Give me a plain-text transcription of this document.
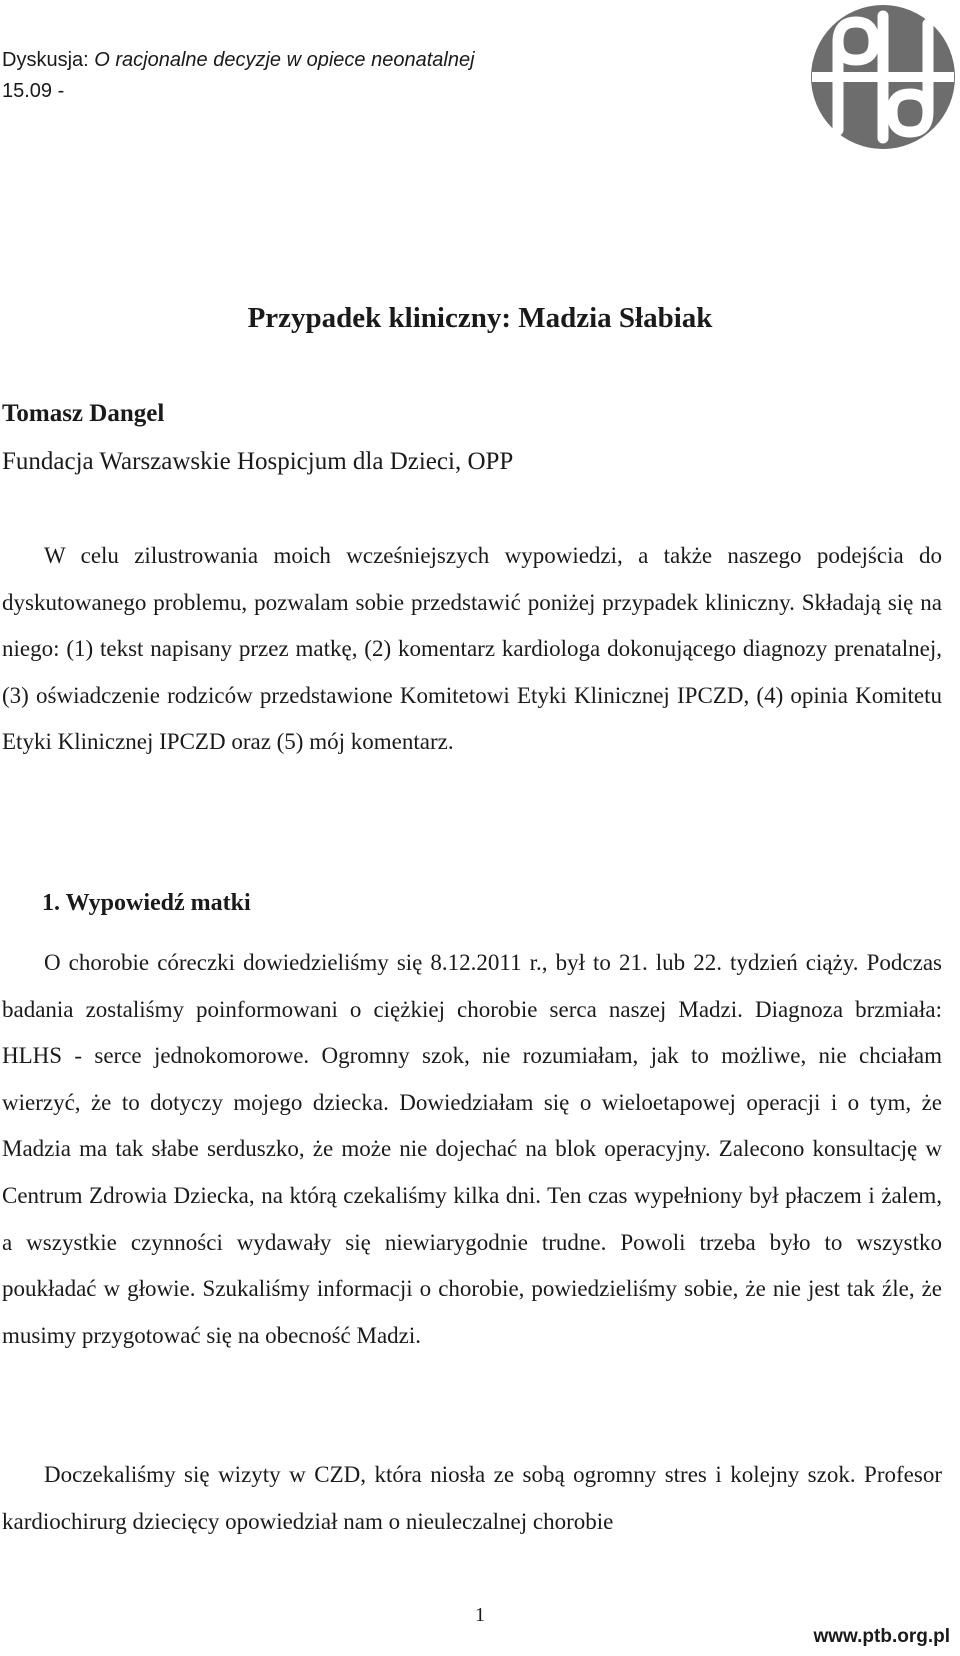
Dyskusja: O racjonalne decyzje w opiece neonatalnej
15.09 -
Przypadek kliniczny: Madzia Słabiak
Tomasz Dangel
Fundacja Warszawskie Hospicjum dla Dzieci, OPP
W celu zilustrowania moich wcześniejszych wypowiedzi, a także naszego podejścia do dyskutowanego problemu, pozwalam sobie przedstawić poniżej przypadek kliniczny. Składają się na niego: (1) tekst napisany przez matkę, (2) komentarz kardiologa dokonującego diagnozy prenatalnej, (3) oświadczenie rodziców przedstawione Komitetowi Etyki Klinicznej IPCZD, (4) opinia Komitetu Etyki Klinicznej IPCZD oraz (5) mój komentarz.
1. Wypowiedź matki
O chorobie córeczki dowiedzieliśmy się 8.12.2011 r., był to 21. lub 22. tydzień ciąży. Podczas badania zostaliśmy poinformowani o ciężkiej chorobie serca naszej Madzi. Diagnoza brzmiała: HLHS - serce jednokomorowe. Ogromny szok, nie rozumiałam, jak to możliwe, nie chciałam wierzyć, że to dotyczy mojego dziecka. Dowiedziałam się o wieloetapowej operacji i o tym, że Madzia ma tak słabe serduszko, że może nie dojechać na blok operacyjny. Zalecono konsultację w Centrum Zdrowia Dziecka, na którą czekaliśmy kilka dni. Ten czas wypełniony był płaczem i żalem, a wszystkie czynności wydawały się niewiarygodnie trudne. Powoli trzeba było to wszystko poukładać w głowie. Szukaliśmy informacji o chorobie, powiedzieliśmy sobie, że nie jest tak źle, że musimy przygotować się na obecność Madzi.
Doczekaliśmy się wizyty w CZD, która niosła ze sobą ogromny stres i kolejny szok. Profesor kardiochirurg dziecięcy opowiedział nam o nieuleczalnej chorobie
1
www.ptb.org.pl
